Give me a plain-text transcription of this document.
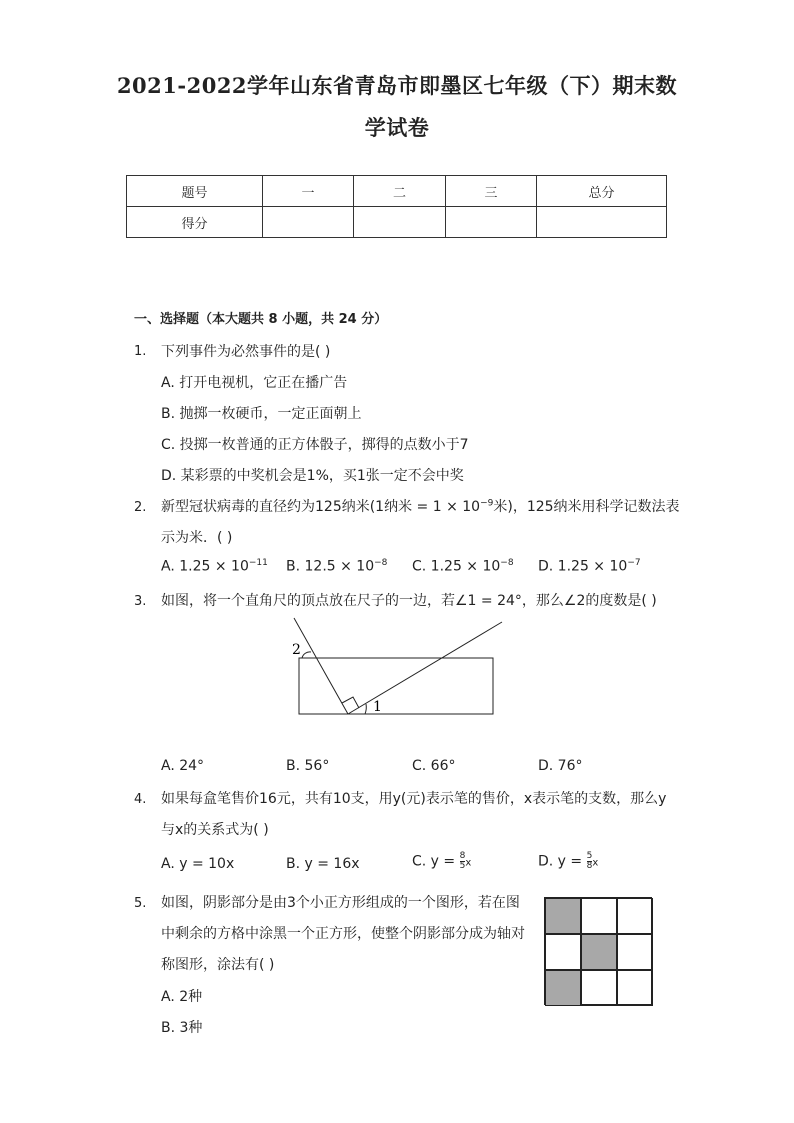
2021-2022学年山东省青岛市即墨区七年级（下）期末数
学试卷
题号	一	二	三	总分
得分				
一、选择题（本大题共 8 小题，共 24 分）
1. 下列事件为必然事件的是( )
A. 打开电视机，它正在播广告
B. 抛掷一枚硬币，一定正面朝上
C. 投掷一枚普通的正方体骰子，掷得的点数小于7
D. 某彩票的中奖机会是1%，买1张一定不会中奖
2. 新型冠状病毒的直径约为125纳米(1纳米 = $1 \times 10^{-9}$米)，125纳米用科学记数法表
示为米．( )
A. $1.25 \times 10^{-11}$ B. $12.5 \times 10^{-8}$ C. $1.25 \times 10^{-8}$ D. $1.25 \times 10^{-7}$
3. 如图，将一个直角尺的顶点放在尺子的一边，若∠1 = 24°，那么∠2的度数是( )
1
2
A. 24°	B. 56°	C. 66°	D. 76°
4. 如果每盒笔售价16元，共有10支，用y(元)表示笔的售价，x表示笔的支数，那么y
与x的关系式为( )
A. y = 10x	B. y = 16x	C. $y = \frac{8}{5}$ x	D. $y = \frac{5}{8}$ x
5. 如图，阴影部分是由3个小正方形组成的一个图形，若在图
中剩余的方格中涂黑一个正方形，使整个阴影部分成为轴对
称图形，涂法有( )
A. 2种
B. 3种
